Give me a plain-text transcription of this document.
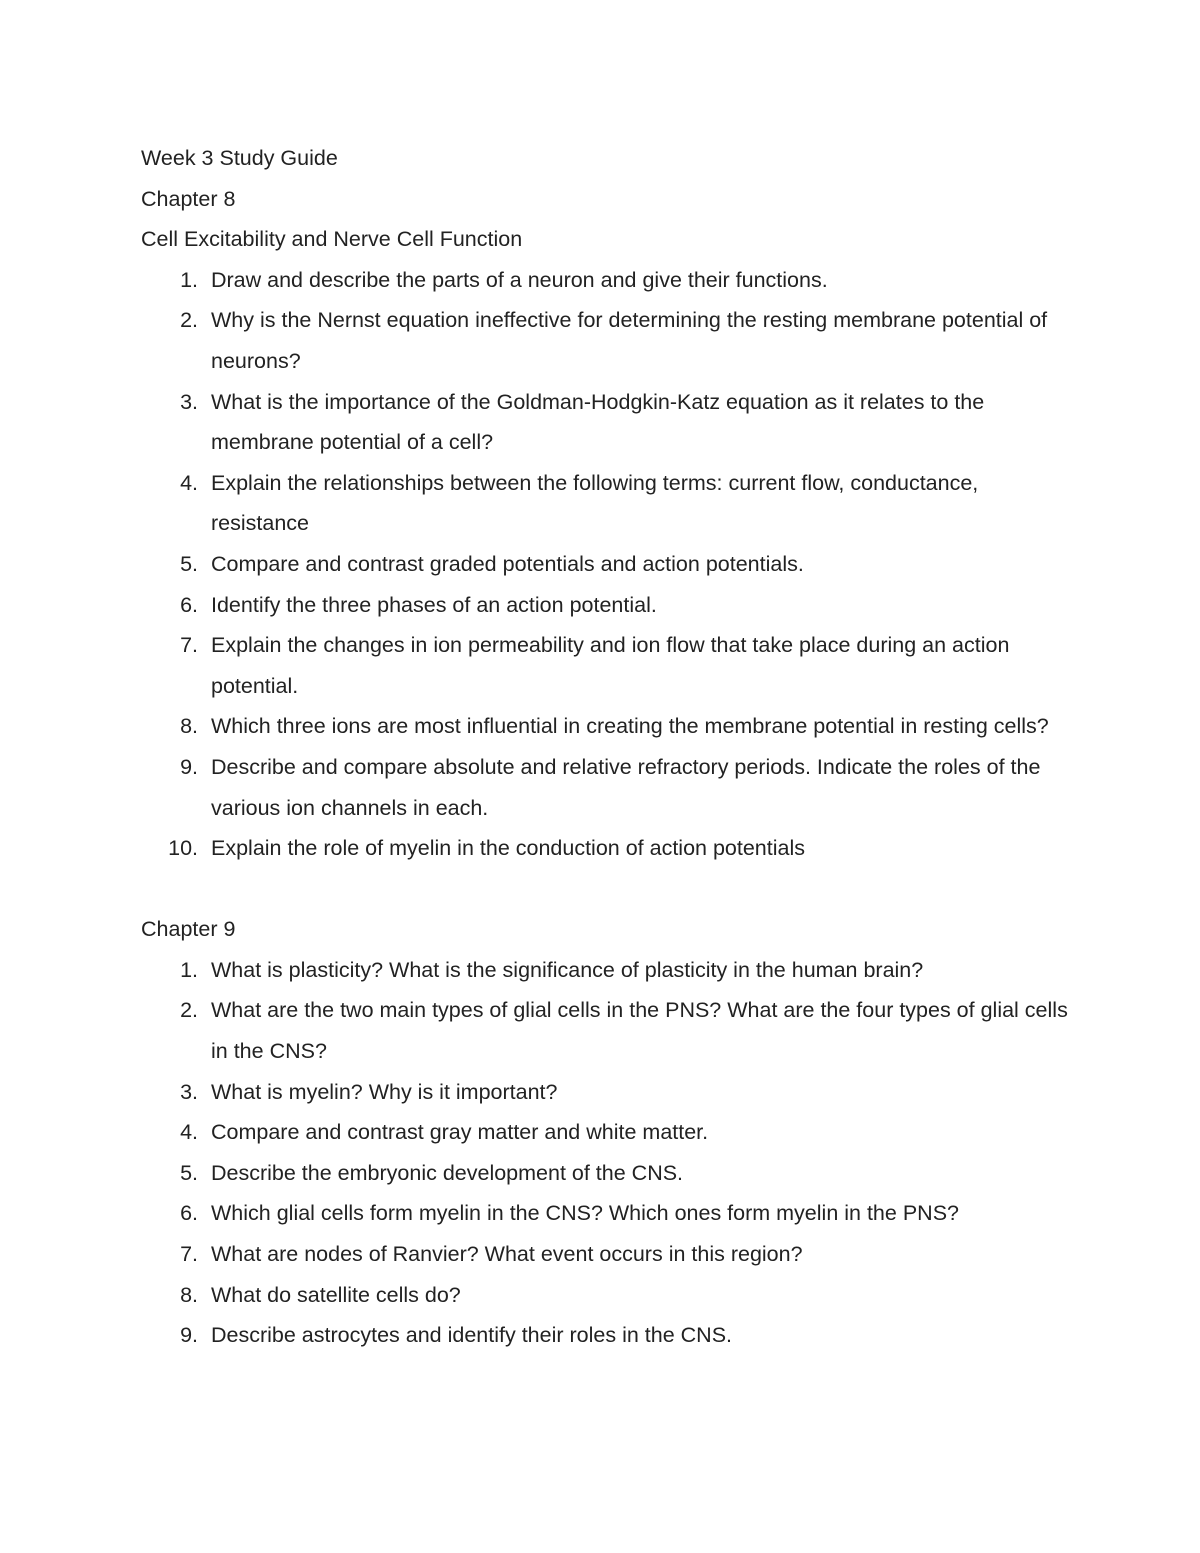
Week 3 Study Guide

Chapter 8

Cell Excitability and Nerve Cell Function

1. Draw and describe the parts of a neuron and give their functions.
2. Why is the Nernst equation ineffective for determining the resting membrane potential of neurons?
3. What is the importance of the Goldman-Hodgkin-Katz equation as it relates to the membrane potential of a cell?
4. Explain the relationships between the following terms: current flow, conductance, resistance
5. Compare and contrast graded potentials and action potentials.
6. Identify the three phases of an action potential.
7. Explain the changes in ion permeability and ion flow that take place during an action potential.
8. Which three ions are most influential in creating the membrane potential in resting cells?
9. Describe and compare absolute and relative refractory periods. Indicate the roles of the various ion channels in each.
10. Explain the role of myelin in the conduction of action potentials

Chapter 9

1. What is plasticity? What is the significance of plasticity in the human brain?
2. What are the two main types of glial cells in the PNS? What are the four types of glial cells in the CNS?
3. What is myelin? Why is it important?
4. Compare and contrast gray matter and white matter.
5. Describe the embryonic development of the CNS.
6. Which glial cells form myelin in the CNS? Which ones form myelin in the PNS?
7. What are nodes of Ranvier? What event occurs in this region?
8. What do satellite cells do?
9. Describe astrocytes and identify their roles in the CNS.
